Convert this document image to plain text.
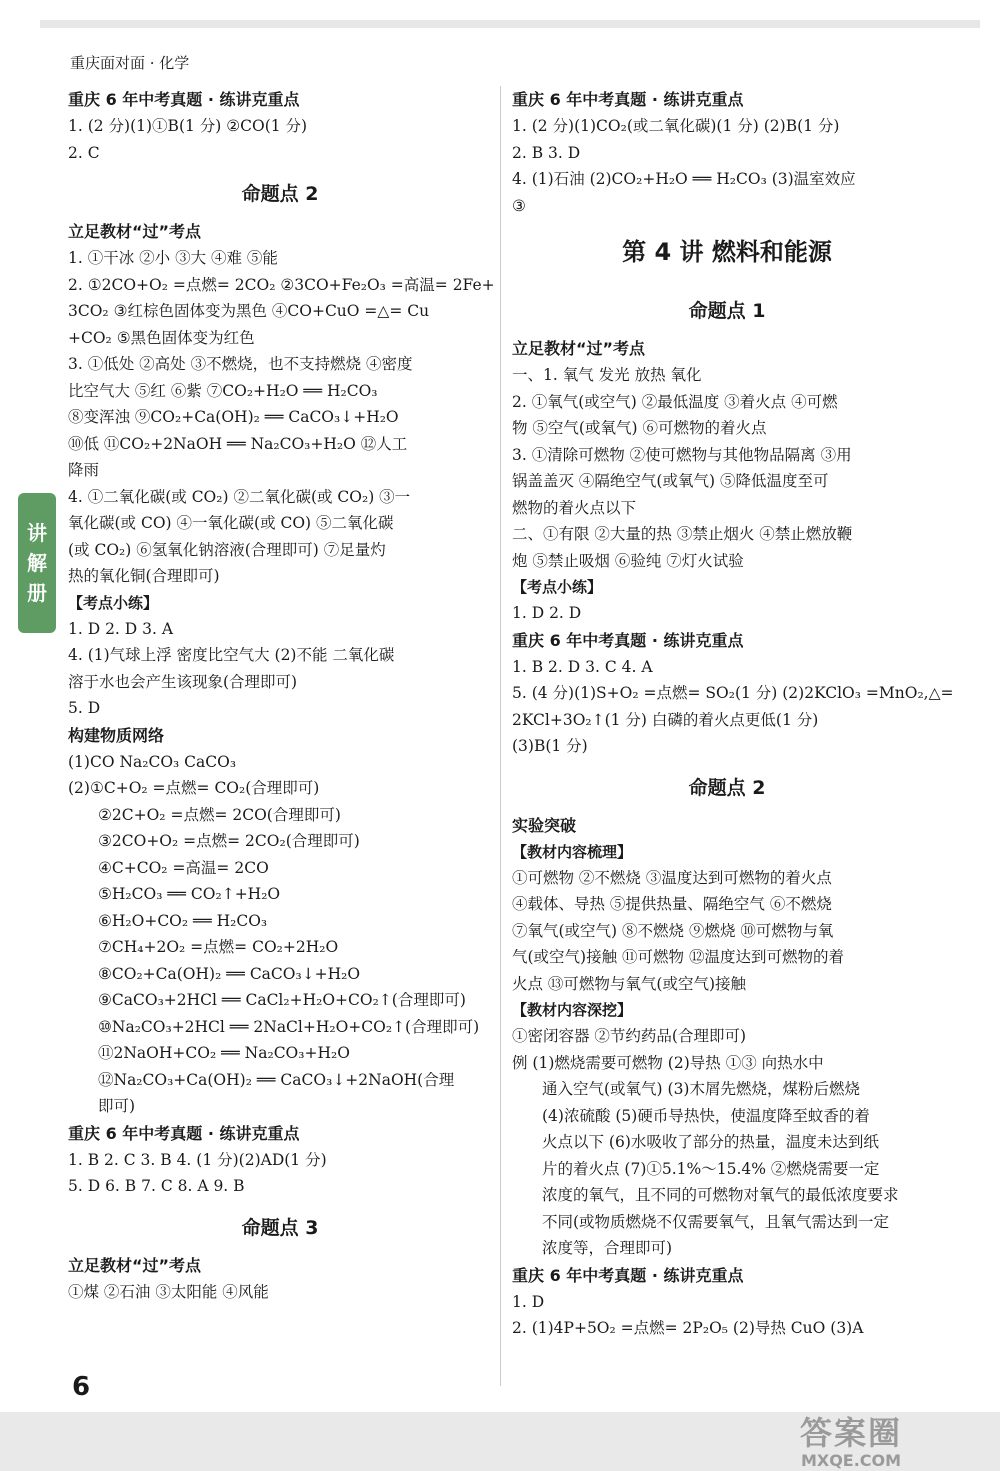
重庆面对面 · 化学
讲
解
册
重庆 6 年中考真题 · 练讲克重点
1. (2 分)(1)①B(1 分) ②CO(1 分)
2. C
命题点 2
立足教材“过”考点
1. ①干冰 ②小 ③大 ④难 ⑤能
2. ①2CO+O₂ =点燃= 2CO₂ ②3CO+Fe₂O₃ =高温= 2Fe+
3CO₂ ③红棕色固体变为黑色 ④CO+CuO =△= Cu
+CO₂ ⑤黑色固体变为红色
3. ①低处 ②高处 ③不燃烧，也不支持燃烧 ④密度
比空气大 ⑤红 ⑥紫 ⑦CO₂+H₂O ══ H₂CO₃
⑧变浑浊 ⑨CO₂+Ca(OH)₂ ══ CaCO₃↓+H₂O
⑩低 ⑪CO₂+2NaOH ══ Na₂CO₃+H₂O ⑫人工
降雨
4. ①二氧化碳(或 CO₂) ②二氧化碳(或 CO₂) ③一
氧化碳(或 CO) ④一氧化碳(或 CO) ⑤二氧化碳
(或 CO₂) ⑥氢氧化钠溶液(合理即可) ⑦足量灼
热的氧化铜(合理即可)
【考点小练】
1. D 2. D 3. A
4. (1)气球上浮 密度比空气大 (2)不能 二氧化碳
溶于水也会产生该现象(合理即可)
5. D
构建物质网络
(1)CO Na₂CO₃ CaCO₃
(2)①C+O₂ =点燃= CO₂(合理即可)
②2C+O₂ =点燃= 2CO(合理即可)
③2CO+O₂ =点燃= 2CO₂(合理即可)
④C+CO₂ =高温= 2CO
⑤H₂CO₃ ══ CO₂↑+H₂O
⑥H₂O+CO₂ ══ H₂CO₃
⑦CH₄+2O₂ =点燃= CO₂+2H₂O
⑧CO₂+Ca(OH)₂ ══ CaCO₃↓+H₂O
⑨CaCO₃+2HCl ══ CaCl₂+H₂O+CO₂↑(合理即可)
⑩Na₂CO₃+2HCl ══ 2NaCl+H₂O+CO₂↑(合理即可)
⑪2NaOH+CO₂ ══ Na₂CO₃+H₂O
⑫Na₂CO₃+Ca(OH)₂ ══ CaCO₃↓+2NaOH(合理
即可)
重庆 6 年中考真题 · 练讲克重点
1. B 2. C 3. B 4. (1 分)(2)AD(1 分)
5. D 6. B 7. C 8. A 9. B
命题点 3
立足教材“过”考点
①煤 ②石油 ③太阳能 ④风能
重庆 6 年中考真题 · 练讲克重点
1. (2 分)(1)CO₂(或二氧化碳)(1 分) (2)B(1 分)
2. B 3. D
4. (1)石油 (2)CO₂+H₂O ══ H₂CO₃ (3)温室效应
③
第 4 讲 燃料和能源
命题点 1
立足教材“过”考点
一、1. 氧气 发光 放热 氧化
2. ①氧气(或空气) ②最低温度 ③着火点 ④可燃
物 ⑤空气(或氧气) ⑥可燃物的着火点
3. ①清除可燃物 ②使可燃物与其他物品隔离 ③用
锅盖盖灭 ④隔绝空气(或氧气) ⑤降低温度至可
燃物的着火点以下
二、①有限 ②大量的热 ③禁止烟火 ④禁止燃放鞭
炮 ⑤禁止吸烟 ⑥验纯 ⑦灯火试验
【考点小练】
1. D 2. D
重庆 6 年中考真题 · 练讲克重点
1. B 2. D 3. C 4. A
5. (4 分)(1)S+O₂ =点燃= SO₂(1 分) (2)2KClO₃ =MnO₂,△=
2KCl+3O₂↑(1 分) 白磷的着火点更低(1 分)
(3)B(1 分)
命题点 2
实验突破
【教材内容梳理】
①可燃物 ②不燃烧 ③温度达到可燃物的着火点
④载体、导热 ⑤提供热量、隔绝空气 ⑥不燃烧
⑦氧气(或空气) ⑧不燃烧 ⑨燃烧 ⑩可燃物与氧
气(或空气)接触 ⑪可燃物 ⑫温度达到可燃物的着
火点 ⑬可燃物与氧气(或空气)接触
【教材内容深挖】
①密闭容器 ②节约药品(合理即可)
例 (1)燃烧需要可燃物 (2)导热 ①③ 向热水中
通入空气(或氧气) (3)木屑先燃烧，煤粉后燃烧
(4)浓硫酸 (5)硬币导热快，使温度降至蚊香的着
火点以下 (6)水吸收了部分的热量，温度未达到纸
片的着火点 (7)①5.1%～15.4% ②燃烧需要一定
浓度的氧气，且不同的可燃物对氧气的最低浓度要求
不同(或物质燃烧不仅需要氧气，且氧气需达到一定
浓度等，合理即可)
重庆 6 年中考真题 · 练讲克重点
1. D
2. (1)4P+5O₂ =点燃= 2P₂O₅ (2)导热 CuO (3)A
6
答案圈
MXQE.COM
